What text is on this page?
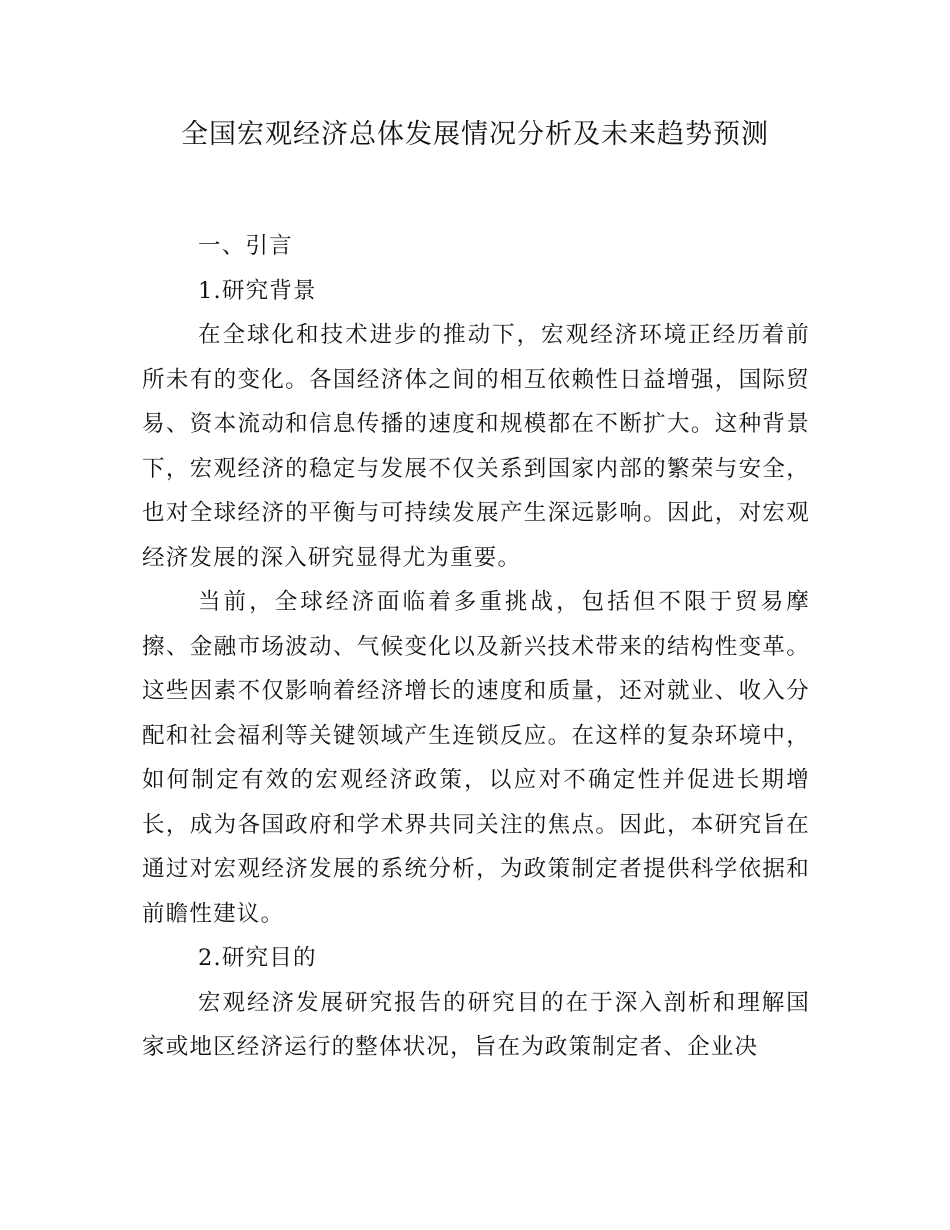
全国宏观经济总体发展情况分析及未来趋势预测

一、引言

1.研究背景

在全球化和技术进步的推动下，宏观经济环境正经历着前所未有的变化。各国经济体之间的相互依赖性日益增强，国际贸易、资本流动和信息传播的速度和规模都在不断扩大。这种背景下，宏观经济的稳定与发展不仅关系到国家内部的繁荣与安全，也对全球经济的平衡与可持续发展产生深远影响。因此，对宏观经济发展的深入研究显得尤为重要。

当前，全球经济面临着多重挑战，包括但不限于贸易摩擦、金融市场波动、气候变化以及新兴技术带来的结构性变革。这些因素不仅影响着经济增长的速度和质量，还对就业、收入分配和社会福利等关键领域产生连锁反应。在这样的复杂环境中，如何制定有效的宏观经济政策，以应对不确定性并促进长期增长，成为各国政府和学术界共同关注的焦点。因此，本研究旨在通过对宏观经济发展的系统分析，为政策制定者提供科学依据和前瞻性建议。

2.研究目的

宏观经济发展研究报告的研究目的在于深入剖析和理解国家或地区经济运行的整体状况，旨在为政策制定者、企业决
